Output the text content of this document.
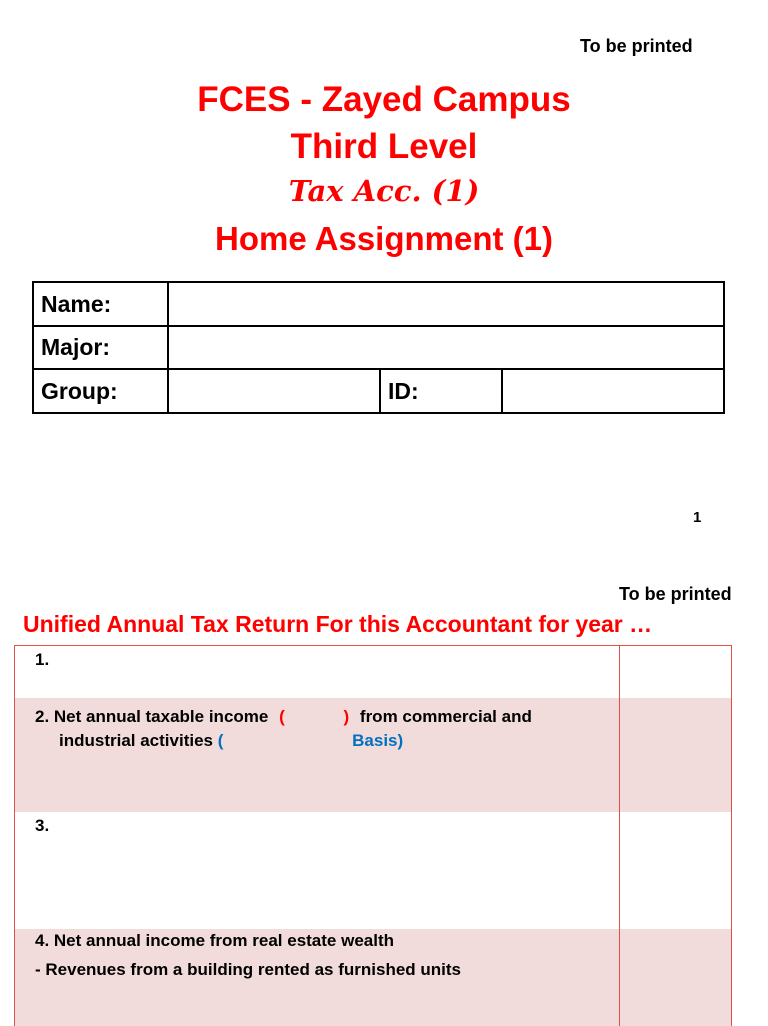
To be printed
FCES - Zayed Campus
Third Level
Tax Acc. (1)
Home Assignment (1)
Name:			
Major:			
Group:		ID:	
1
To be printed
Unified Annual Tax Return For this Accountant for year …
1.
2. Net annual taxable income (	) from commercial and
industrial activities (	Basis)
3.
4. Net annual income from real estate wealth
- Revenues from a building rented as furnished units
